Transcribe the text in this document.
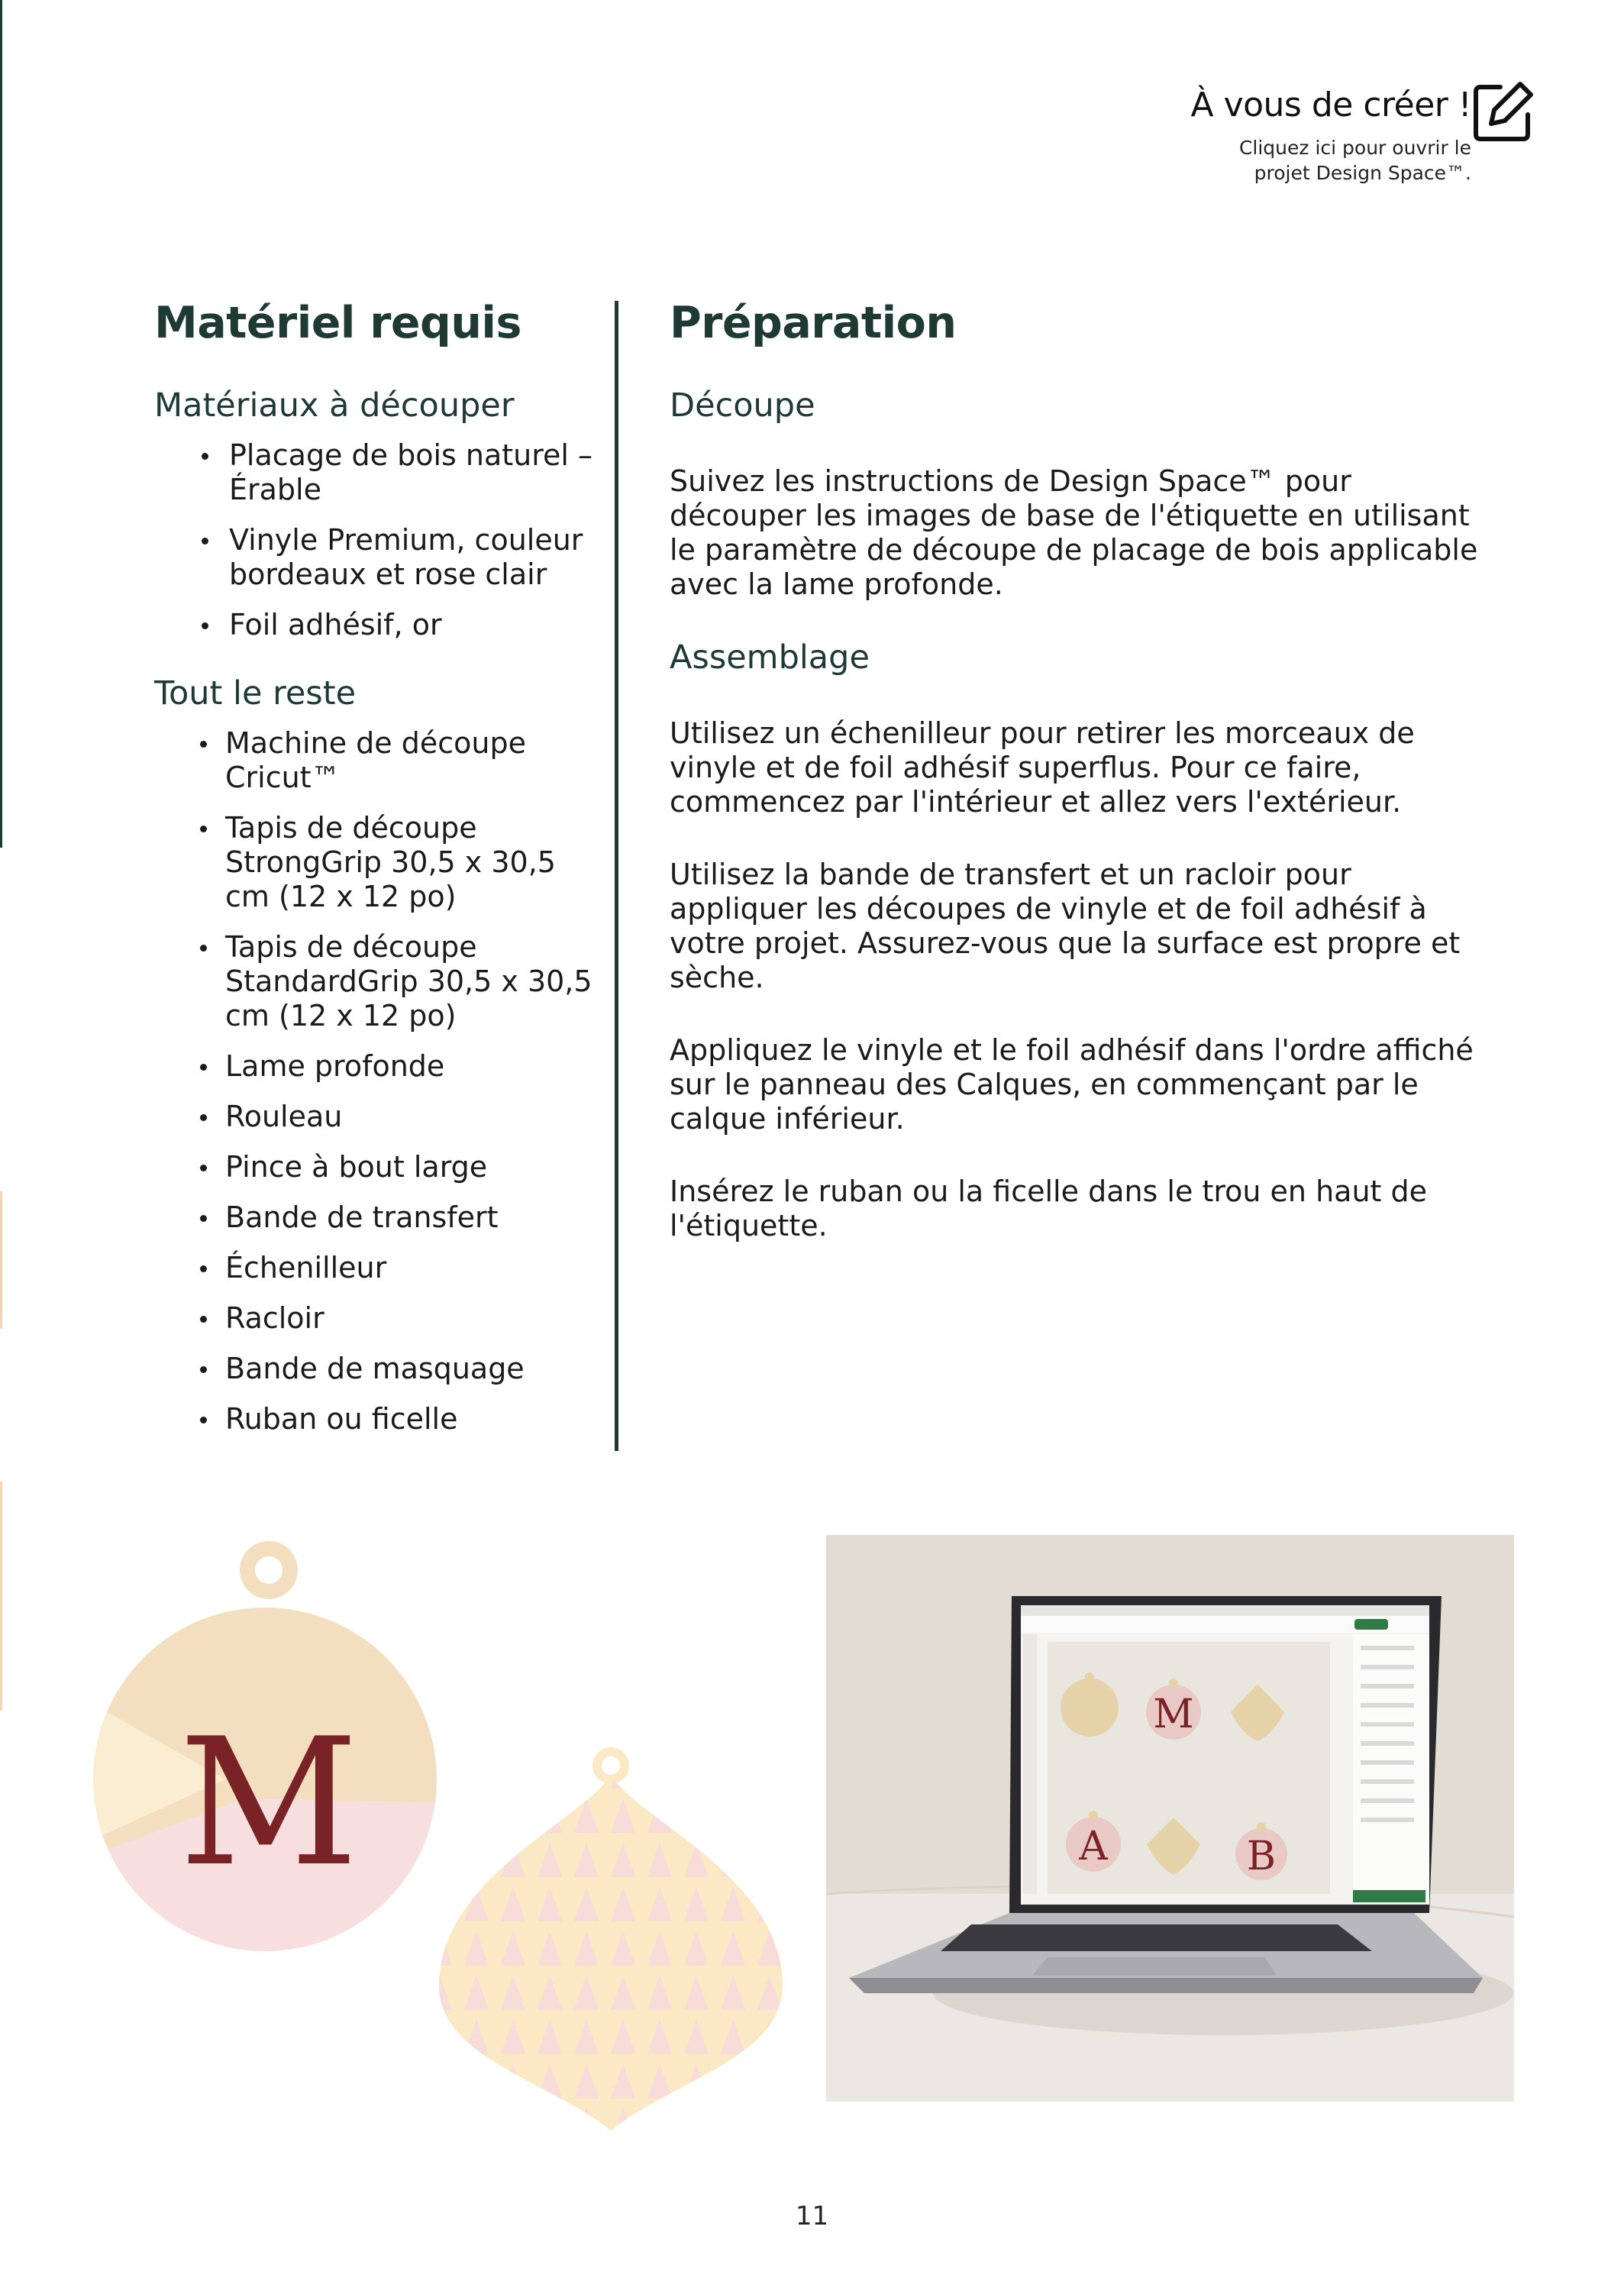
À vous de créer !
Cliquez ici pour ouvrir le
projet Design Space™.
Matériel requis
Matériaux à découper
Placage de bois naturel – Érable
Vinyle Premium, couleur bordeaux et rose clair
Foil adhésif, or
Tout le reste
Machine de découpe Cricut™
Tapis de découpe StrongGrip 30,5 x 30,5 cm (12 x 12 po)
Tapis de découpe StandardGrip 30,5 x 30,5 cm (12 x 12 po)
Lame profonde
Rouleau
Pince à bout large
Bande de transfert
Échenilleur
Racloir
Bande de masquage
Ruban ou ficelle
Préparation
Découpe

Suivez les instructions de Design Space™ pour découper les images de base de l'étiquette en utilisant le paramètre de découpe de placage de bois applicable avec la lame profonde.

Assemblage

Utilisez un échenilleur pour retirer les morceaux de vinyle et de foil adhésif superflus. Pour ce faire, commencez par l'intérieur et allez vers l'extérieur.

Utilisez la bande de transfert et un racloir pour appliquer les découpes de vinyle et de foil adhésif à votre projet. Assurez-vous que la surface est propre et sèche.

Appliquez le vinyle et le foil adhésif dans l'ordre affiché sur le panneau des Calques, en commençant par le calque inférieur.

Insérez le ruban ou la ficelle dans le trou en haut de l'étiquette.

M	M
A	B
11
